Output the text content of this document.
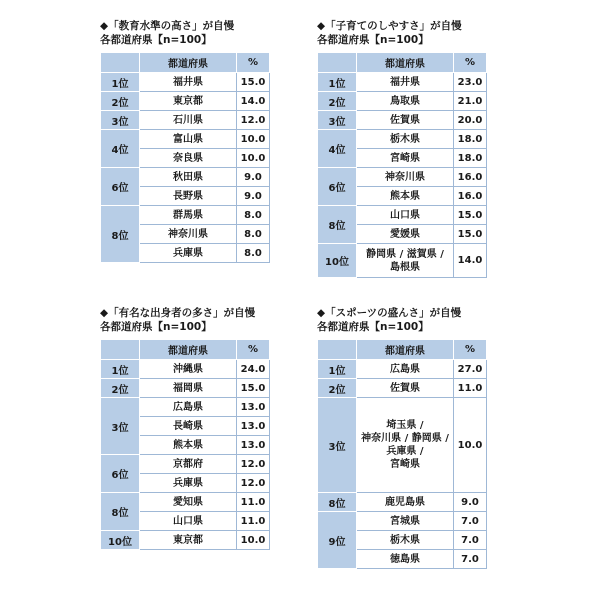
◆「教育水準の高さ」が自慢
各都道府県【n=100】
	都道府県	%
1位	福井県	15.0
2位	東京都	14.0
3位	石川県	12.0
4位	富山県	10.0
	奈良県	10.0
6位	秋田県	9.0
	長野県	9.0
8位	群馬県	8.0
	神奈川県	8.0
	兵庫県	8.0
◆「子育てのしやすさ」が自慢
各都道府県【n=100】
	都道府県	%
1位	福井県	23.0
2位	鳥取県	21.0
3位	佐賀県	20.0
4位	栃木県	18.0
	宮崎県	18.0
6位	神奈川県	16.0
	熊本県	16.0
8位	山口県	15.0
	愛媛県	15.0
10位	静岡県 / 滋賀県 /
島根県	14.0
◆「有名な出身者の多さ」が自慢
各都道府県【n=100】
	都道府県	%
1位	沖縄県	24.0
2位	福岡県	15.0
3位	広島県	13.0
	長崎県	13.0
	熊本県	13.0
6位	京都府	12.0
	兵庫県	12.0
8位	愛知県	11.0
	山口県	11.0
10位	東京都	10.0
◆「スポーツの盛んさ」が自慢
各都道府県【n=100】
	都道府県	%
1位	広島県	27.0
2位	佐賀県	11.0
3位	埼玉県 /
神奈川県 / 静岡県 /
兵庫県 /
宮崎県	10.0
8位	鹿児島県	9.0
9位	宮城県	7.0
	栃木県	7.0
	徳島県	7.0
